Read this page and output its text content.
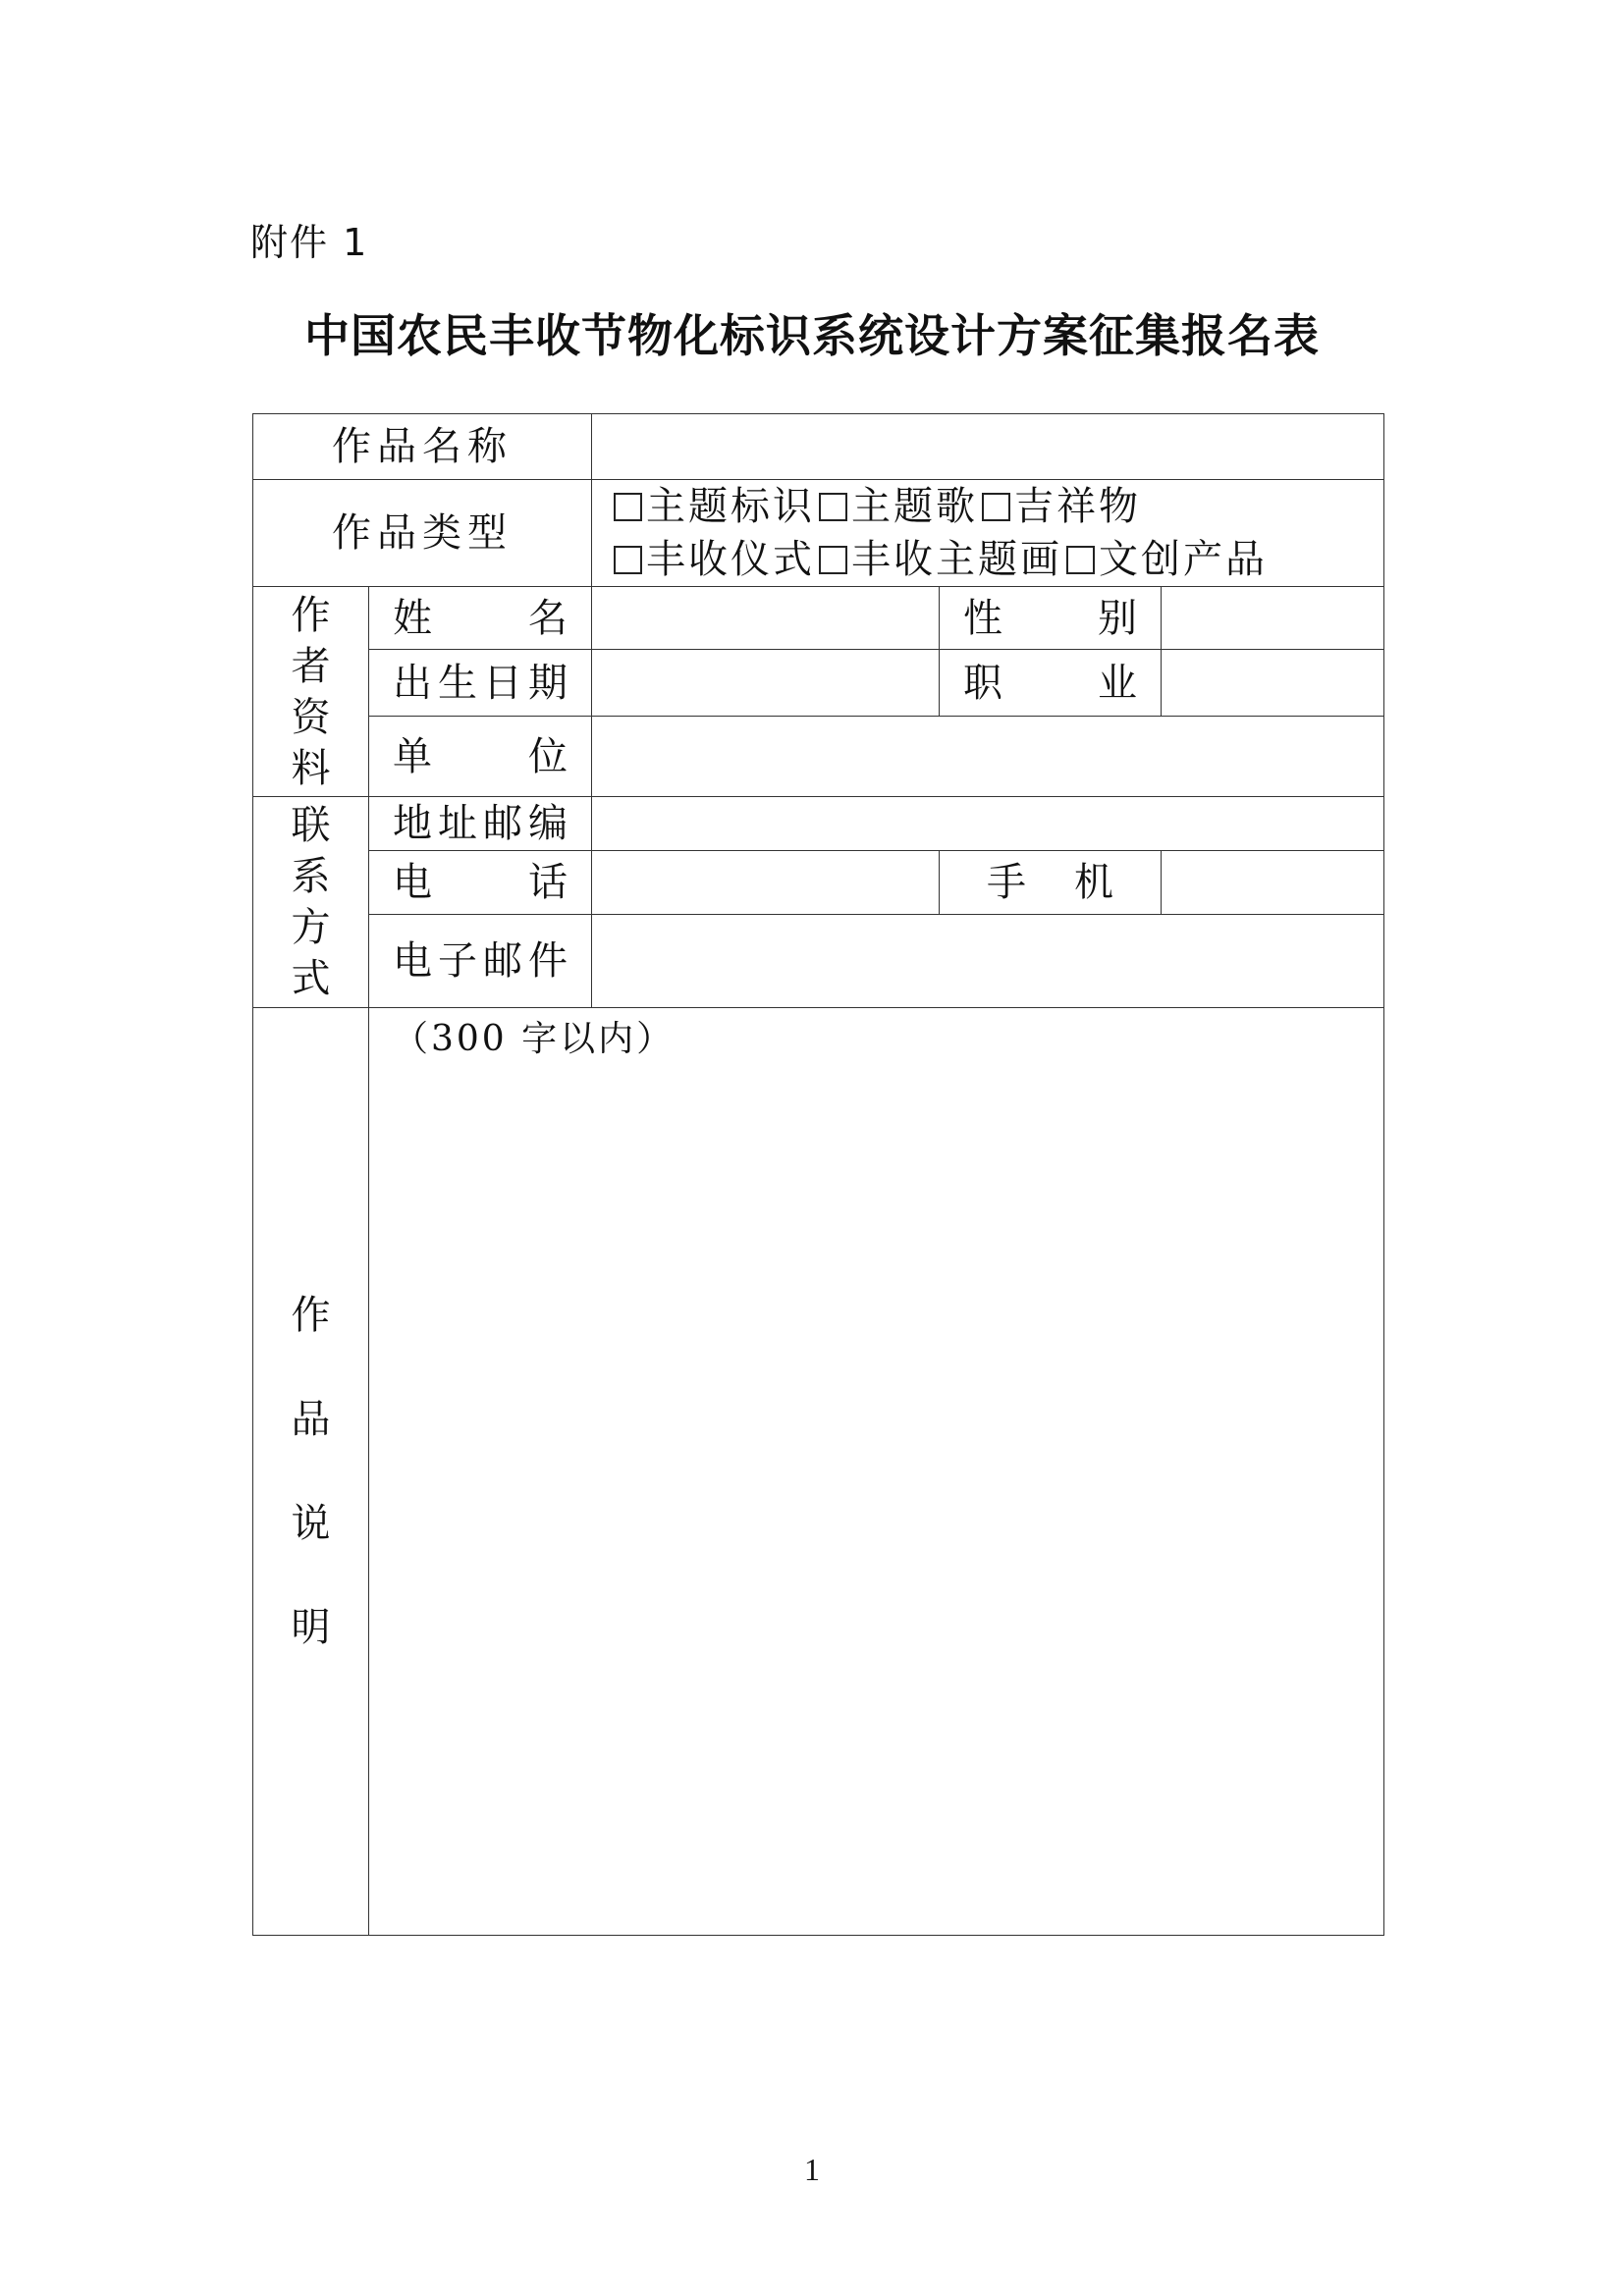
附件 1
中国农民丰收节物化标识系统设计方案征集报名表
作品名称				
作品类型		主题标识 主题歌 吉祥物
丰收仪式 丰收主题画 文创产品		

作
者
资
料	姓 名		性 别	
	出生日期		职 业	
	单 位			

联
系
方
式	地址邮编			
	电 话		手 机	
	电子邮件			

作
品
说
明	（300 字以内）			
1
